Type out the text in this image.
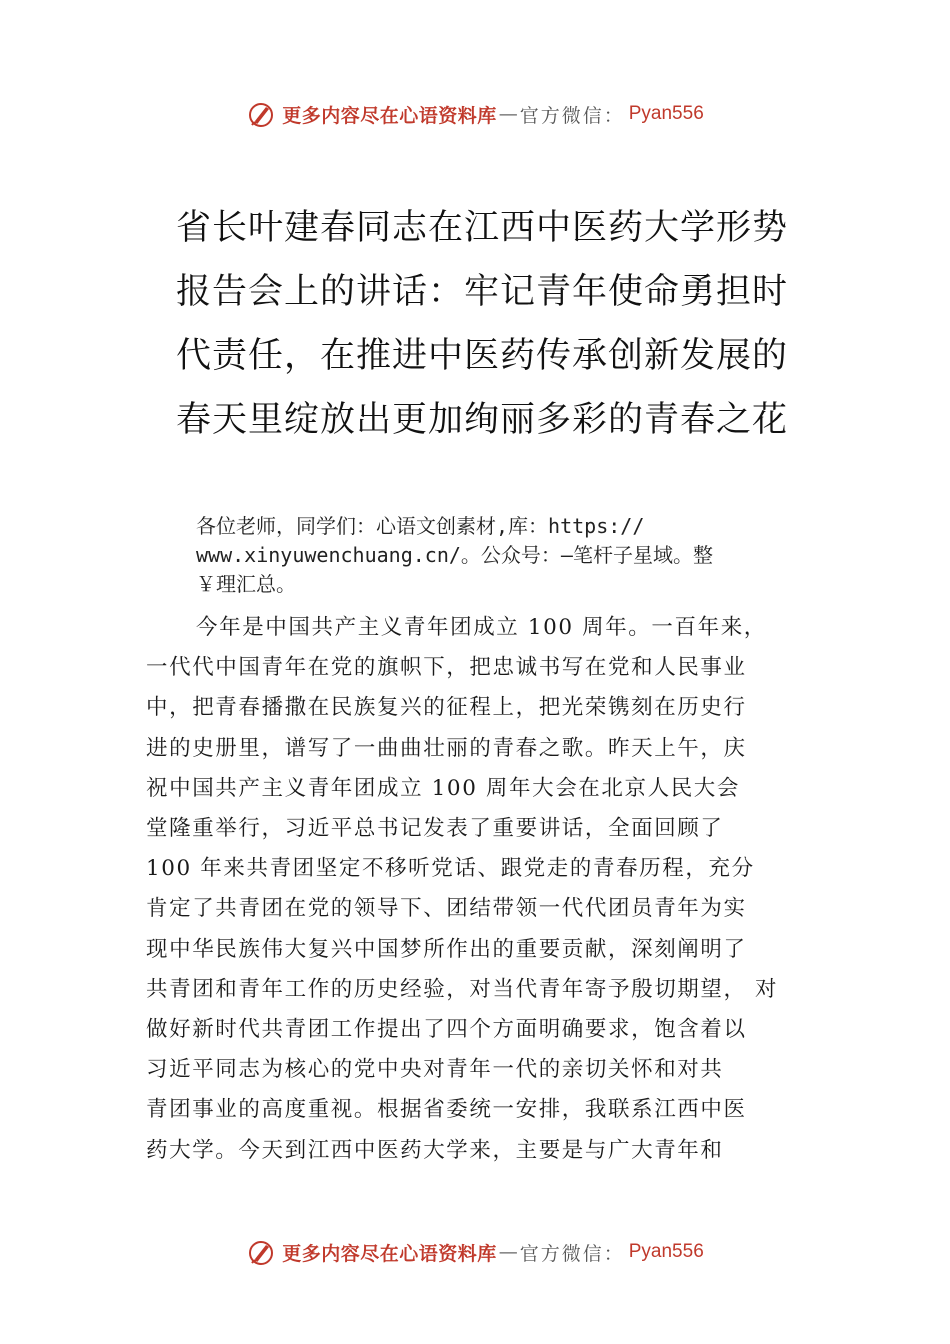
更多内容尽在心语资料库 — 官方微信： Pyan556
省长叶建春同志在江西中医药大学形势
报告会上的讲话：牢记青年使命勇担时
代责任，在推进中医药传承创新发展的
春天里绽放出更加绚丽多彩的青春之花
各位老师，同学们：心语文创素材,库：https://
www.xinyuwenchuang.cn/。公众号：—笔杆子星域。整
￥理汇总。
今年是中国共产主义青年团成立 100 周年。一百年来，
一代代中国青年在党的旗帜下，把忠诚书写在党和人民事业
中，把青春播撒在民族复兴的征程上，把光荣镌刻在历史行
进的史册里，谱写了一曲曲壮丽的青春之歌。昨天上午，庆
祝中国共产主义青年团成立 100 周年大会在北京人民大会
堂隆重举行，习近平总书记发表了重要讲话，全面回顾了
100 年来共青团坚定不移听党话、跟党走的青春历程，充分
肯定了共青团在党的领导下、团结带领一代代团员青年为实
现中华民族伟大复兴中国梦所作出的重要贡献，深刻阐明了
共青团和青年工作的历史经验，对当代青年寄予殷切期望， 对
做好新时代共青团工作提出了四个方面明确要求，饱含着以
习近平同志为核心的党中央对青年一代的亲切关怀和对共
青团事业的高度重视。根据省委统一安排，我联系江西中医
药大学。今天到江西中医药大学来，主要是与广大青年和
更多内容尽在心语资料库 — 官方微信： Pyan556
